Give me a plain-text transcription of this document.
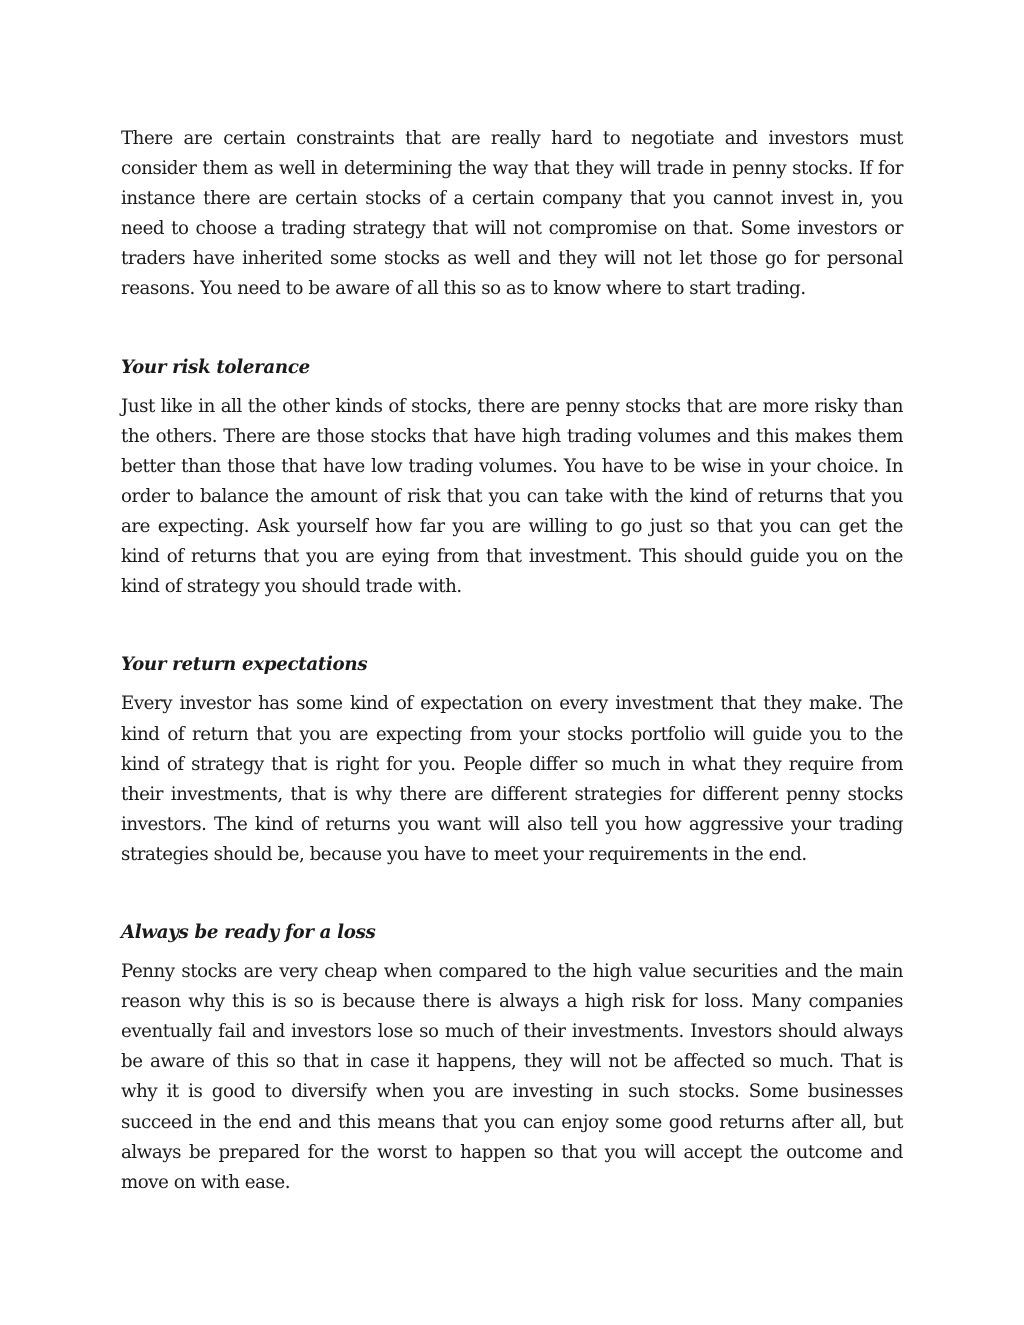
There are certain constraints that are really hard to negotiate and investors must consider them as well in determining the way that they will trade in penny stocks. If for instance there are certain stocks of a certain company that you cannot invest in, you need to choose a trading strategy that will not compromise on that. Some investors or traders have inherited some stocks as well and they will not let those go for personal reasons. You need to be aware of all this so as to know where to start trading.

Your risk tolerance

Just like in all the other kinds of stocks, there are penny stocks that are more risky than the others. There are those stocks that have high trading volumes and this makes them better than those that have low trading volumes. You have to be wise in your choice. In order to balance the amount of risk that you can take with the kind of returns that you are expecting. Ask yourself how far you are willing to go just so that you can get the kind of returns that you are eying from that investment. This should guide you on the kind of strategy you should trade with.

Your return expectations

Every investor has some kind of expectation on every investment that they make. The kind of return that you are expecting from your stocks portfolio will guide you to the kind of strategy that is right for you. People differ so much in what they require from their investments, that is why there are different strategies for different penny stocks investors. The kind of returns you want will also tell you how aggressive your trading strategies should be, because you have to meet your requirements in the end.

Always be ready for a loss

Penny stocks are very cheap when compared to the high value securities and the main reason why this is so is because there is always a high risk for loss. Many companies eventually fail and investors lose so much of their investments. Investors should always be aware of this so that in case it happens, they will not be affected so much. That is why it is good to diversify when you are investing in such stocks. Some businesses succeed in the end and this means that you can enjoy some good returns after all, but always be prepared for the worst to happen so that you will accept the outcome and move on with ease.
